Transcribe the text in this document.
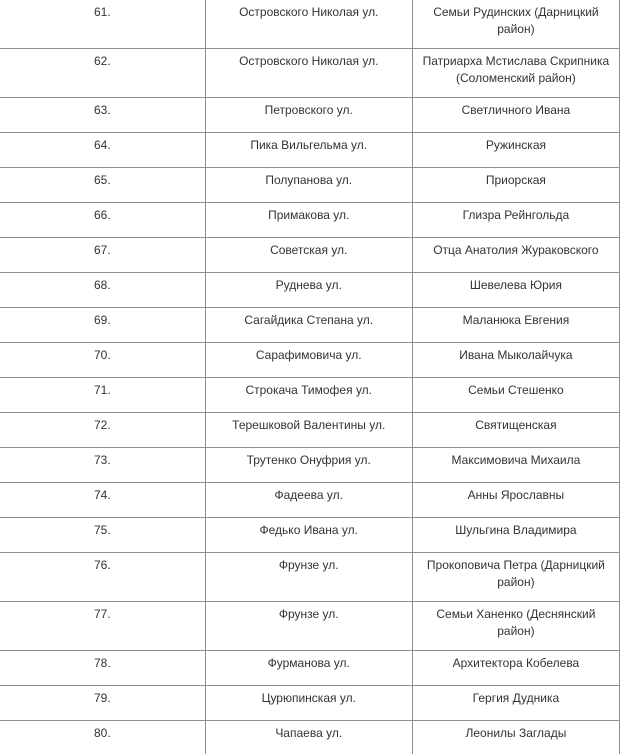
61.	Островского Николая ул.	Семьи Рудинских (Дарницкий район)
62.	Островского Николая ул.	Патриарха Мстислава Скрипника (Соломенский район)
63.	Петровского ул.	Светличного Ивана
64.	Пика Вильгельма ул.	Ружинская
65.	Полупанова ул.	Приорская
66.	Примакова ул.	Глизра Рейнгольда
67.	Советская ул.	Отца Анатолия Жураковского
68.	Руднева ул.	Шевелева Юрия
69.	Сагайдика Степана ул.	Маланюка Евгения
70.	Сарафимовича ул.	Ивана Мыколайчука
71.	Строкача Тимофея ул.	Семьи Стешенко
72.	Терешковой Валентины ул.	Святищенская
73.	Трутенко Онуфрия ул.	Максимовича Михаила
74.	Фадеева ул.	Анны Ярославны
75.	Федько Ивана ул.	Шульгина Владимира
76.	Фрунзе ул.	Прокоповича Петра (Дарницкий район)
77.	Фрунзе ул.	Семьи Ханенко (Деснянский район)
78.	Фурманова ул.	Архитектора Кобелева
79.	Цурюпинская ул.	Гергия Дудника
80.	Чапаева ул.	Леонилы Заглады
